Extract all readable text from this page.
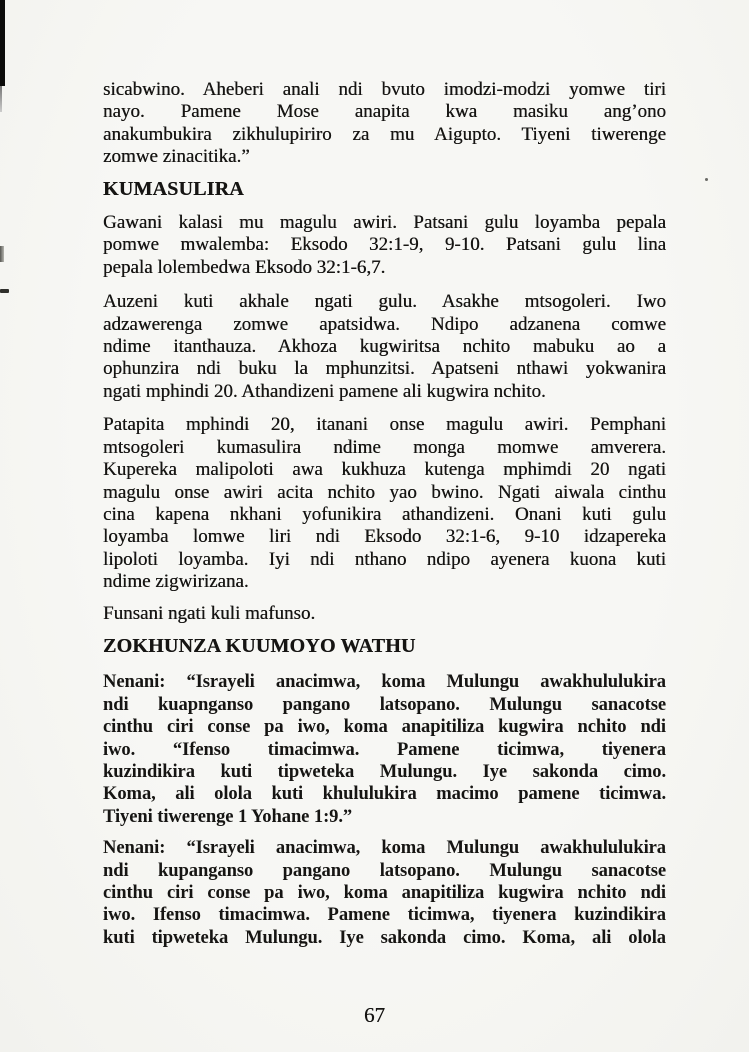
sicabwino. Aheberi anali ndi bvuto imodzi-modzi yomwe tiri
nayo. Pamene Mose anapita kwa masiku ang’ono
anakumbukira zikhulupiriro za mu Aigupto. Tiyeni tiwerenge
zomwe zinacitika.”
KUMASULIRA
Gawani kalasi mu magulu awiri. Patsani gulu loyamba pepala
pomwe mwalemba: Eksodo 32:1-9, 9-10. Patsani gulu lina
pepala lolembedwa Eksodo 32:1-6,7.
Auzeni kuti akhale ngati gulu. Asakhe mtsogoleri. Iwo
adzawerenga zomwe apatsidwa. Ndipo adzanena comwe
ndime itanthauza. Akhoza kugwiritsa nchito mabuku ao a
ophunzira ndi buku la mphunzitsi. Apatseni nthawi yokwanira
ngati mphindi 20. Athandizeni pamene ali kugwira nchito.
Patapita mphindi 20, itanani onse magulu awiri. Pemphani
mtsogoleri kumasulira ndime monga momwe amverera.
Kupereka malipoloti awa kukhuza kutenga mphimdi 20 ngati
magulu onse awiri acita nchito yao bwino. Ngati aiwala cinthu
cina kapena nkhani yofunikira athandizeni. Onani kuti gulu
loyamba lomwe liri ndi Eksodo 32:1-6, 9-10 idzapereka
lipoloti loyamba. Iyi ndi nthano ndipo ayenera kuona kuti
ndime zigwirizana.
Funsani ngati kuli mafunso.
ZOKHUNZA KUUMOYO WATHU
Nenani: “Israyeli anacimwa, koma Mulungu awakhululukira
ndi kuapnganso pangano latsopano. Mulungu sanacotse
cinthu ciri conse pa iwo, koma anapitiliza kugwira nchito ndi
iwo. “Ifenso timacimwa. Pamene ticimwa, tiyenera
kuzindikira kuti tipweteka Mulungu. Iye sakonda cimo.
Koma, ali olola kuti khululukira macimo pamene ticimwa.
Tiyeni tiwerenge 1 Yohane 1:9.”
Nenani: “Israyeli anacimwa, koma Mulungu awakhululukira
ndi kupanganso pangano latsopano. Mulungu sanacotse
cinthu ciri conse pa iwo, koma anapitiliza kugwira nchito ndi
iwo. Ifenso timacimwa. Pamene ticimwa, tiyenera kuzindikira
kuti tipweteka Mulungu. Iye sakonda cimo. Koma, ali olola
67
